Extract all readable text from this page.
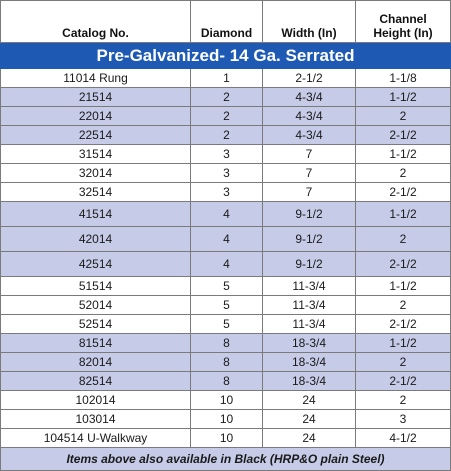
Catalog No.	Diamond	Width (In)	Channel
Height (In)

Pre-Galvanized- 14 Ga. Serrated			
11014 Rung	1	2-1/2	1-1/8
21514	2	4-3/4	1-1/2
22014	2	4-3/4	2
22514	2	4-3/4	2-1/2
31514	3	7	1-1/2
32014	3	7	2
32514	3	7	2-1/2
41514	4	9-1/2	1-1/2
42014	4	9-1/2	2
42514	4	9-1/2	2-1/2
51514	5	11-3/4	1-1/2
52014	5	11-3/4	2
52514	5	11-3/4	2-1/2
81514	8	18-3/4	1-1/2
82014	8	18-3/4	2
82514	8	18-3/4	2-1/2
102014	10	24	2
103014	10	24	3
104514 U-Walkway	10	24	4-1/2
Items above also available in Black (HRP&O plain Steel)			
